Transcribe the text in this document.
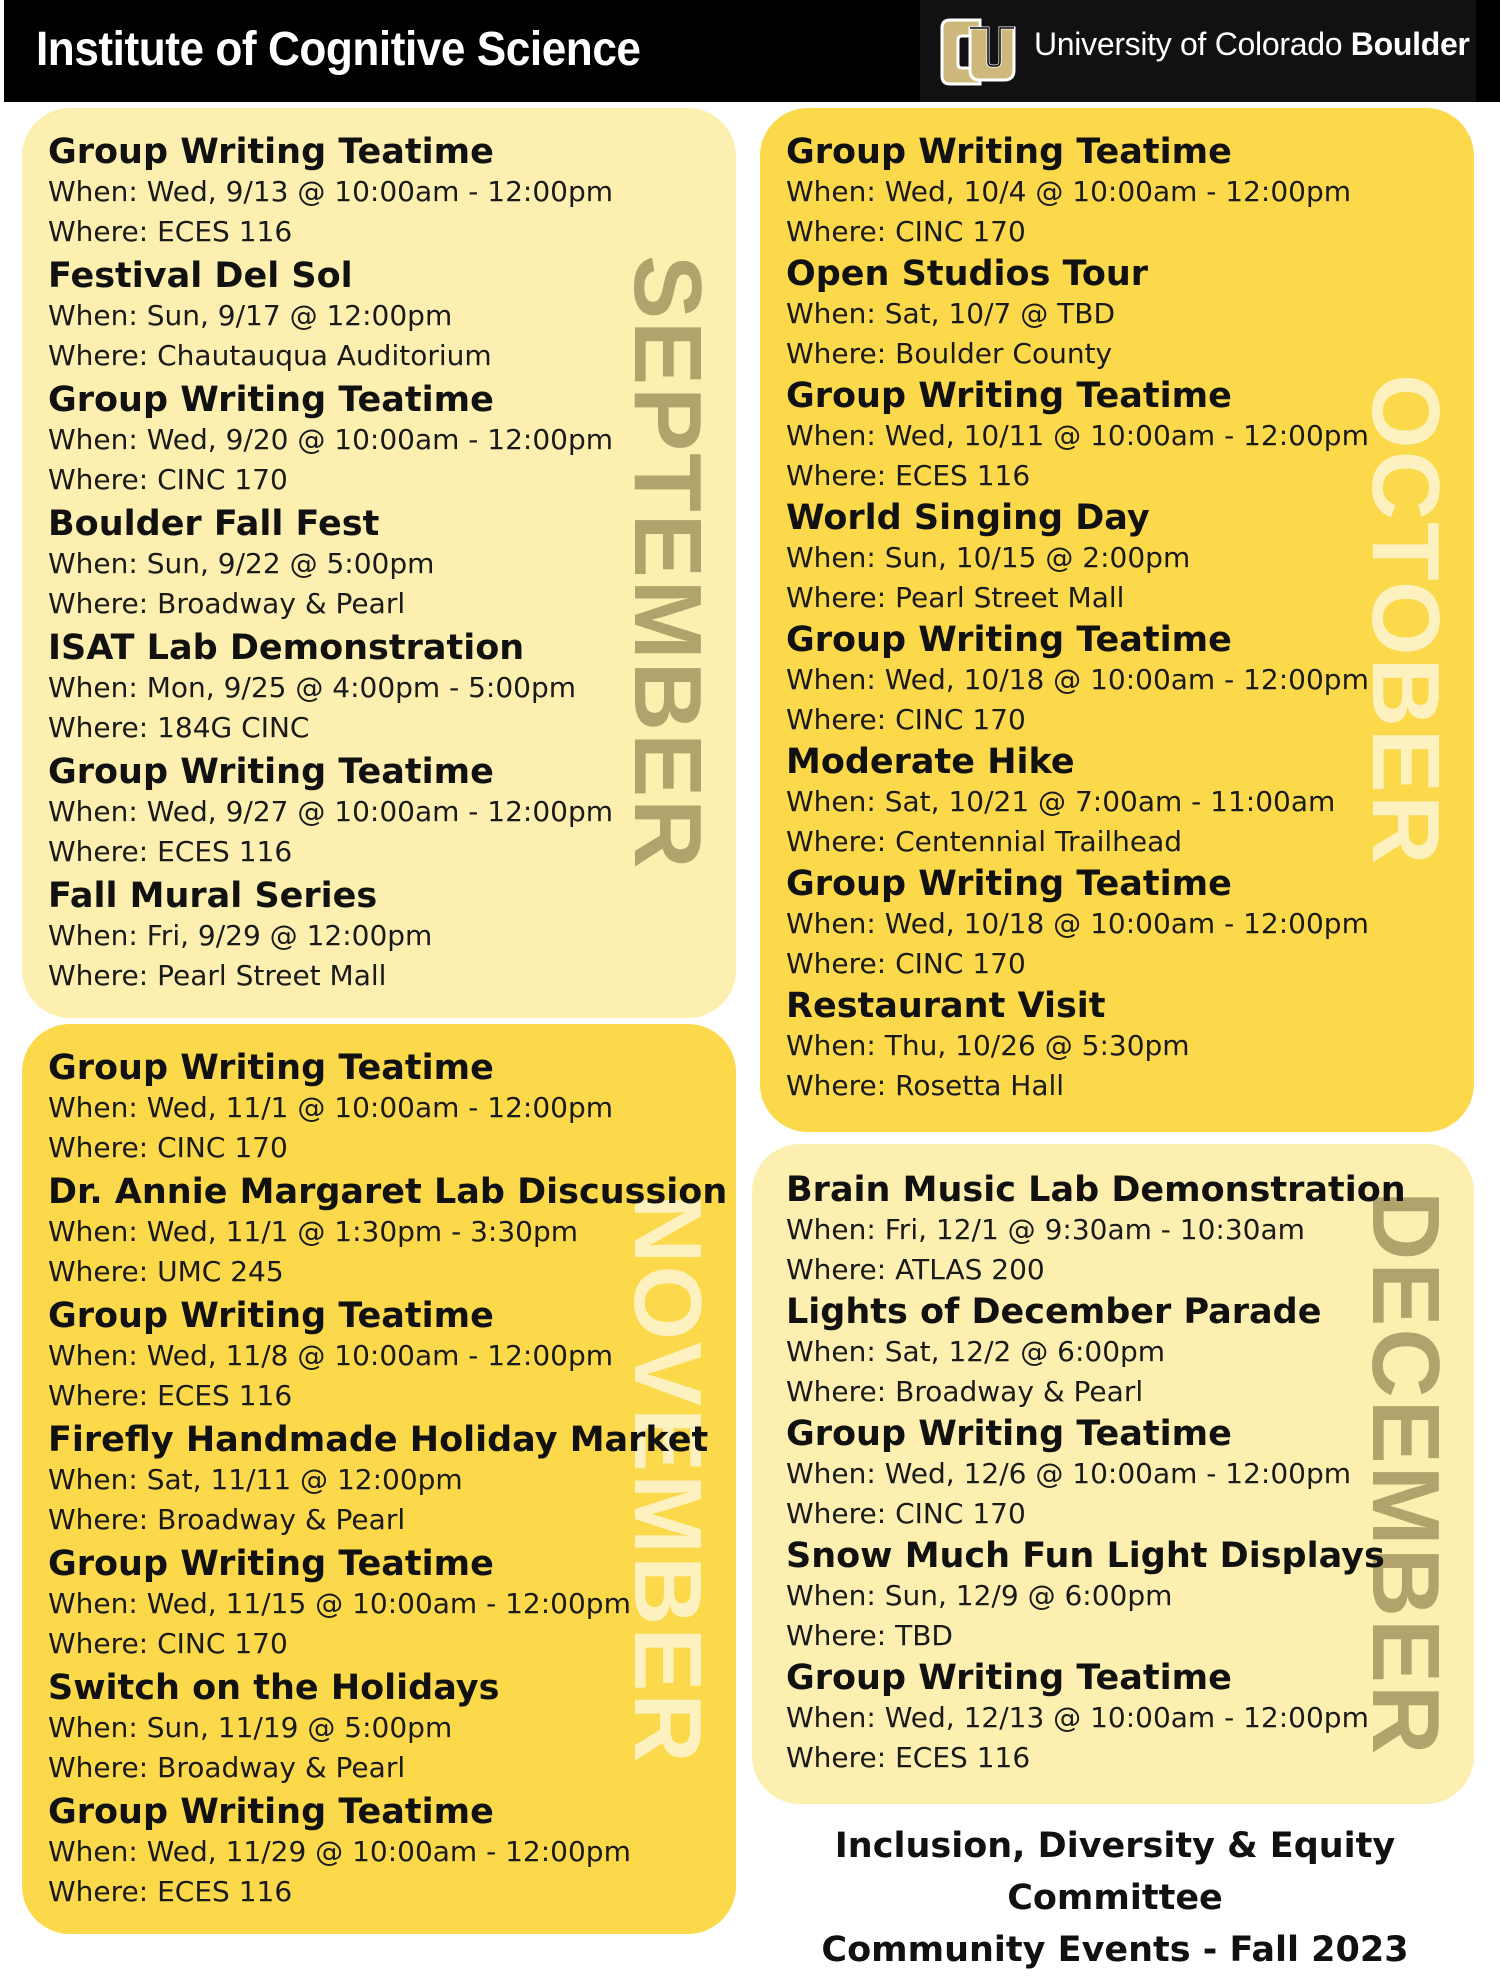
Institute of Cognitive Science	University of Colorado Boulder
SEPTEMBER
Group Writing Teatime
When: Wed, 9/13 @ 10:00am - 12:00pm
Where: ECES 116
Festival Del Sol
When: Sun, 9/17 @ 12:00pm
Where: Chautauqua Auditorium
Group Writing Teatime
When: Wed, 9/20 @ 10:00am - 12:00pm
Where: CINC 170
Boulder Fall Fest
When: Sun, 9/22 @ 5:00pm
Where: Broadway & Pearl
ISAT Lab Demonstration
When: Mon, 9/25 @ 4:00pm - 5:00pm
Where: 184G CINC
Group Writing Teatime
When: Wed, 9/27 @ 10:00am - 12:00pm
Where: ECES 116
Fall Mural Series
When: Fri, 9/29 @ 12:00pm
Where: Pearl Street Mall
OCTOBER
Group Writing Teatime
When: Wed, 10/4 @ 10:00am - 12:00pm
Where: CINC 170
Open Studios Tour
When: Sat, 10/7 @ TBD
Where: Boulder County
Group Writing Teatime
When: Wed, 10/11 @ 10:00am - 12:00pm
Where: ECES 116
World Singing Day
When: Sun, 10/15 @ 2:00pm
Where: Pearl Street Mall
Group Writing Teatime
When: Wed, 10/18 @ 10:00am - 12:00pm
Where: CINC 170
Moderate Hike
When: Sat, 10/21 @ 7:00am - 11:00am
Where: Centennial Trailhead
Group Writing Teatime
When: Wed, 10/18 @ 10:00am - 12:00pm
Where: CINC 170
Restaurant Visit
When: Thu, 10/26 @ 5:30pm
Where: Rosetta Hall
NOVEMBER
Group Writing Teatime
When: Wed, 11/1 @ 10:00am - 12:00pm
Where: CINC 170
Dr. Annie Margaret Lab Discussion
When: Wed, 11/1 @ 1:30pm - 3:30pm
Where: UMC 245
Group Writing Teatime
When: Wed, 11/8 @ 10:00am - 12:00pm
Where: ECES 116
Firefly Handmade Holiday Market
When: Sat, 11/11 @ 12:00pm
Where: Broadway & Pearl
Group Writing Teatime
When: Wed, 11/15 @ 10:00am - 12:00pm
Where: CINC 170
Switch on the Holidays
When: Sun, 11/19 @ 5:00pm
Where: Broadway & Pearl
Group Writing Teatime
When: Wed, 11/29 @ 10:00am - 12:00pm
Where: ECES 116
DECEMBER
Brain Music Lab Demonstration
When: Fri, 12/1 @ 9:30am - 10:30am
Where: ATLAS 200
Lights of December Parade
When: Sat, 12/2 @ 6:00pm
Where: Broadway & Pearl
Group Writing Teatime
When: Wed, 12/6 @ 10:00am - 12:00pm
Where: CINC 170
Snow Much Fun Light Displays
When: Sun, 12/9 @ 6:00pm
Where: TBD
Group Writing Teatime
When: Wed, 12/13 @ 10:00am - 12:00pm
Where: ECES 116
Inclusion, Diversity & Equity Committee
Community Events - Fall 2023
